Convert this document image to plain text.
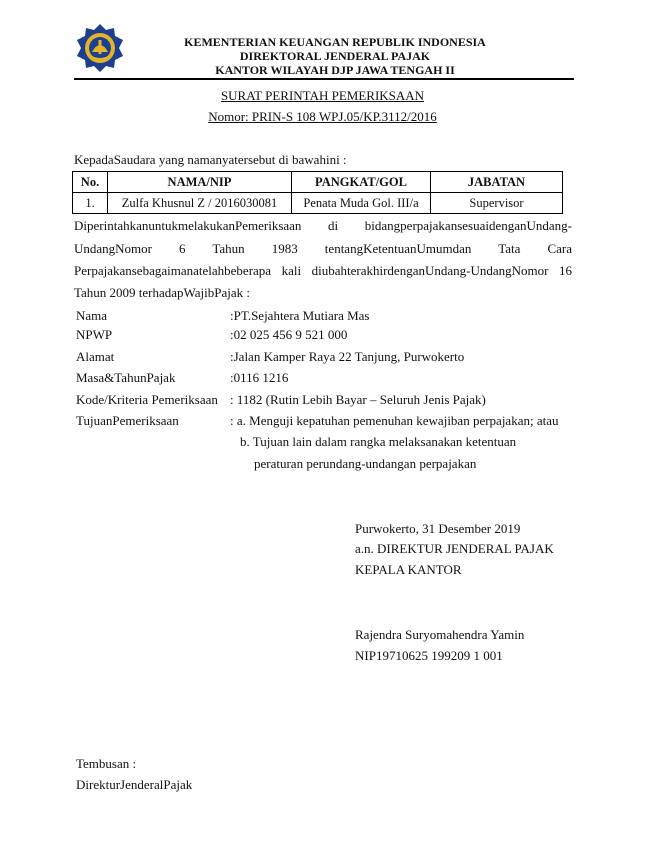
KEMENTERIAN KEUANGAN REPUBLIK INDONESIA
DIREKTORAL JENDERAL PAJAK
KANTOR WILAYAH DJP JAWA TENGAH II
SURAT PERINTAH PEMERIKSAAN
Nomor: PRIN-S 108 WPJ.05/KP.3112/2016
KepadaSaudara yang namanyatersebut di bawahini :
No.	NAMA/NIP	PANGKAT/GOL	JABATAN
1.	Zulfa Khusnul Z / 2016030081	Penata Muda Gol. III/a	Supervisor
DiperintahkanuntukmelakukanPemeriksaan di bidangperpajakansesuaidenganUndang-
UndangNomor 6 Tahun 1983 tentangKetentuanUmumdan Tata Cara
Perpajakansebagaimanatelahbeberapa kali diubahterakhirdenganUndang-UndangNomor 16
Tahun 2009 terhadapWajibPajak :
Nama	:PT.Sejahtera Mutiara Mas
NPWP	:02 025 456 9 521 000
Alamat	:Jalan Kamper Raya 22 Tanjung, Purwokerto
Masa&TahunPajak	:0116 1216
Kode/Kriteria Pemeriksaan : 1182 (Rutin Lebih Bayar – Seluruh Jenis Pajak)
TujuanPemeriksaan	: a. Menguji kepatuhan pemenuhan kewajiban perpajakan; atau
b. Tujuan lain dalam rangka melaksanakan ketentuan
peraturan perundang-undangan perpajakan
Purwokerto, 31 Desember 2019
a.n. DIREKTUR JENDERAL PAJAK
KEPALA KANTOR
Rajendra Suryomahendra Yamin
NIP19710625 199209 1 001
Tembusan :
DirekturJenderalPajak
